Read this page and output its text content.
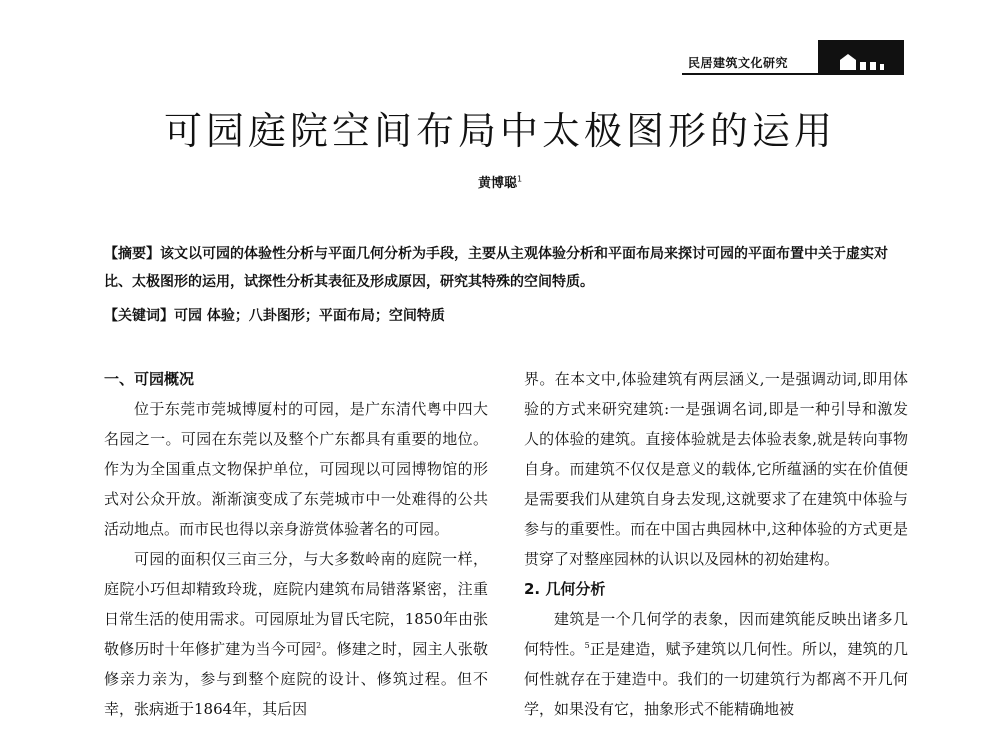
民居建筑文化研究
可园庭院空间布局中太极图形的运用
黄博聪$^1$
【摘要】该文以可园的体验性分析与平面几何分析为手段，主要从主观体验分析和平面布局来探讨可园的平面布置中关于虚实对比、太极图形的运用，试探性分析其表征及形成原因，研究其特殊的空间特质。
【关键词】可园 体验；八卦图形；平面布局；空间特质
一、可园概况

位于东莞市莞城博厦村的可园，是广东清代粤中四大名园之一。可园在东莞以及整个广东都具有重要的地位。作为为全国重点文物保护单位，可园现以可园博物馆的形式对公众开放。渐渐演变成了东莞城市中一处难得的公共活动地点。而市民也得以亲身游赏体验著名的可园。

可园的面积仅三亩三分，与大多数岭南的庭院一样，庭院小巧但却精致玲珑，庭院内建筑布局错落紧密，注重日常生活的使用需求。可园原址为冒氏宅院，1850年由张敬修历时十年修扩建为当今可园$^2$。修建之时，园主人张敬修亲力亲为，参与到整个庭院的设计、修筑过程。但不幸，张病逝于1864年，其后因

界。在本文中,体验建筑有两层涵义,一是强调动词,即用体验的方式来研究建筑:一是强调名词,即是一种引导和激发人的体验的建筑。直接体验就是去体验表象,就是转向事物自身。而建筑不仅仅是意义的载体,它所蕴涵的实在价值便是需要我们从建筑自身去发现,这就要求了在建筑中体验与参与的重要性。而在中国古典园林中,这种体验的方式更是贯穿了对整座园林的认识以及园林的初始建构。

2. 几何分析

建筑是一个几何学的表象，因而建筑能反映出诸多几何特性。$^5$正是建造，赋予建筑以几何性。所以，建筑的几何性就存在于建造中。我们的一切建筑行为都离不开几何学，如果没有它，抽象形式不能精确地被
